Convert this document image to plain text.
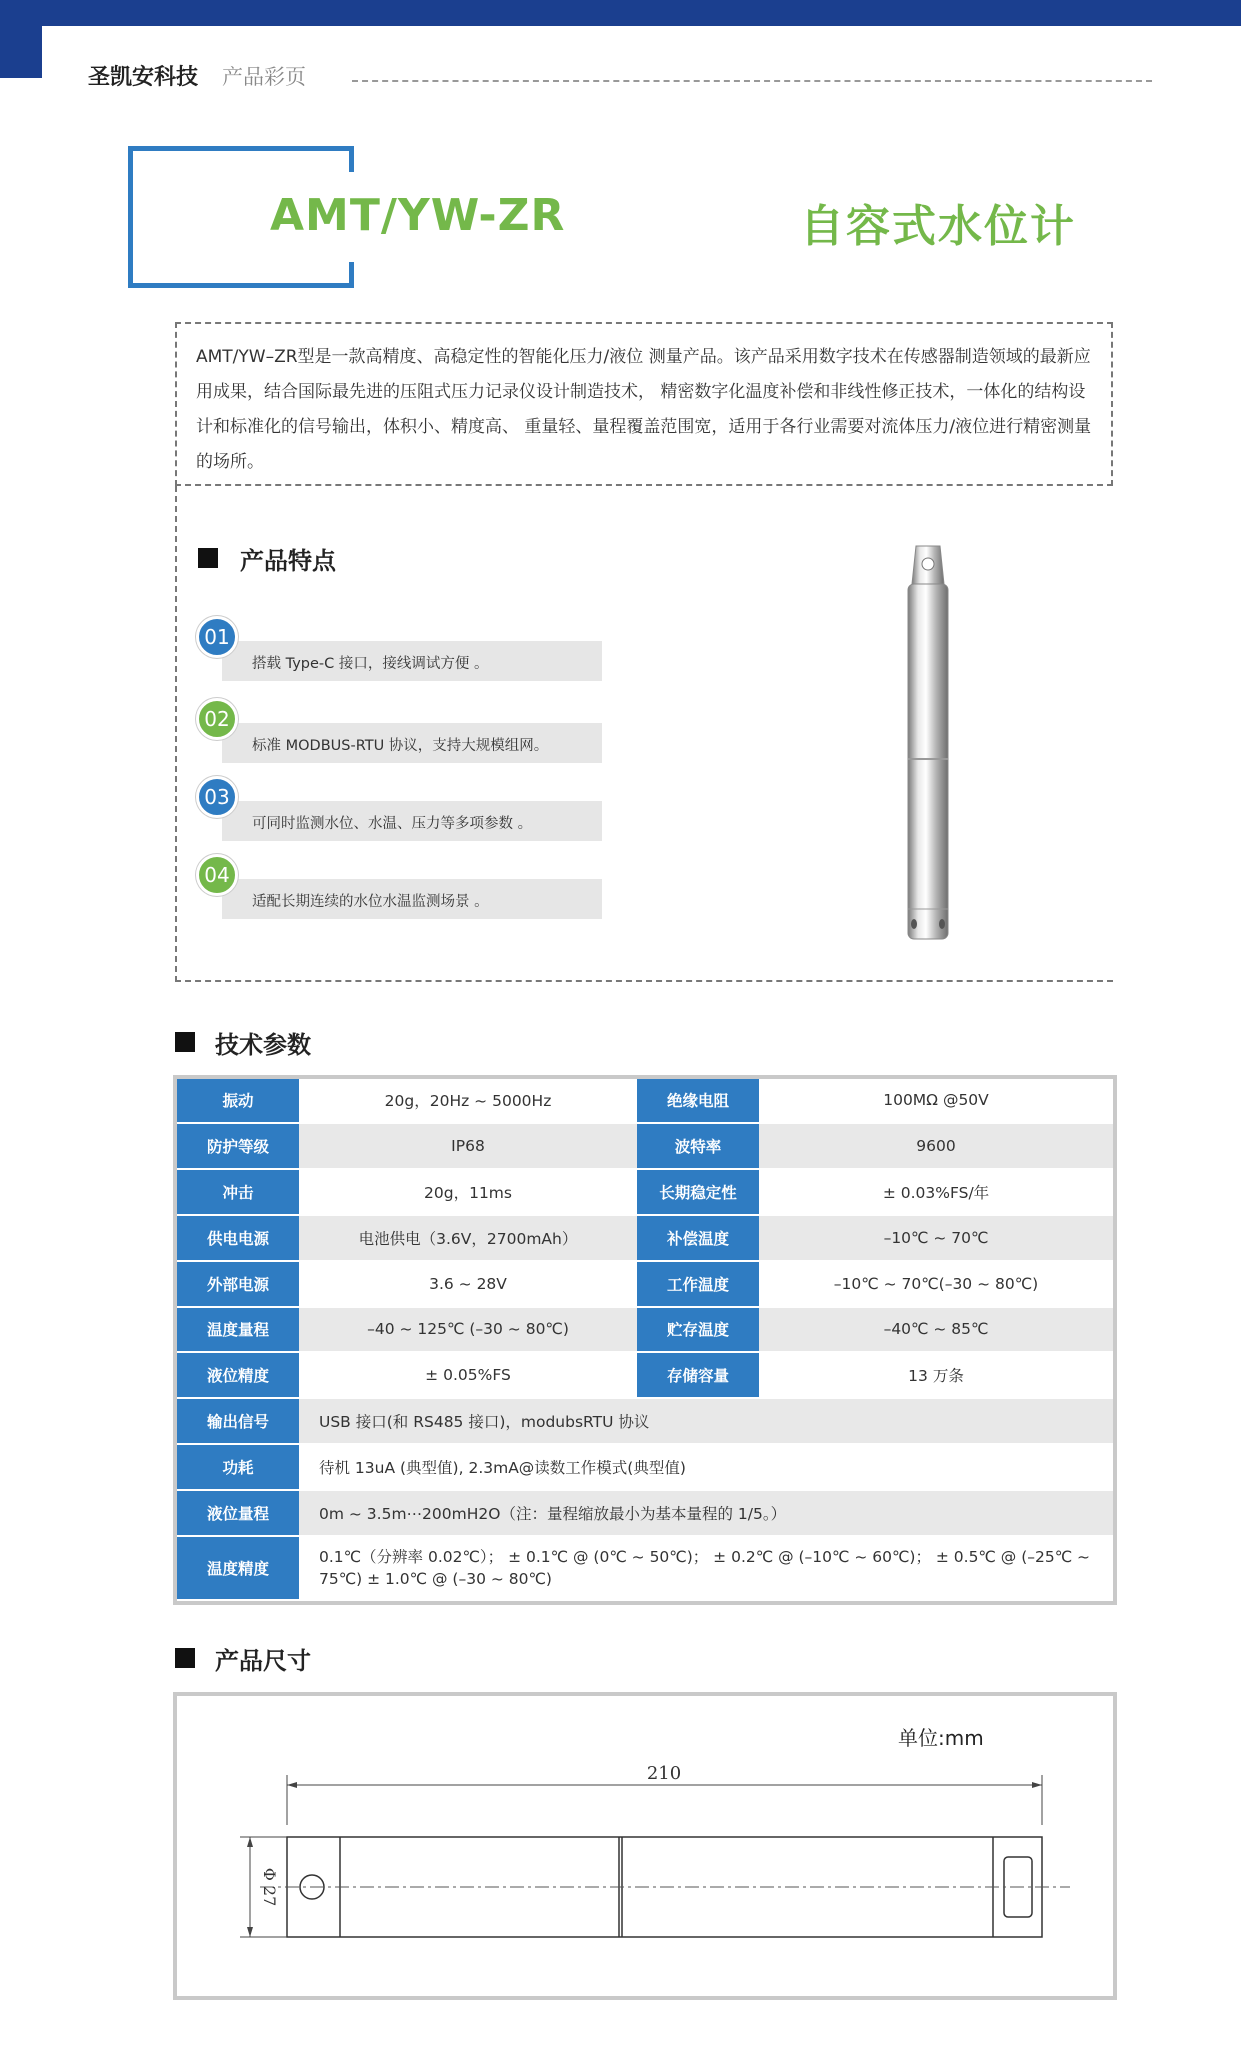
圣凯安科技 产品彩页
AMT/YW-ZR	自容式水位计
AMT/YW–ZR型是一款高精度、高稳定性的智能化压力/液位 测量产品。该产品采用数字技术在传感器制造领域的最新应用成果，结合国际最先进的压阻式压力记录仪设计制造技术， 精密数字化温度补偿和非线性修正技术，一体化的结构设计和标准化的信号输出，体积小、精度高、 重量轻、量程覆盖范围宽，适用于各行业需要对流体压力/液位进行精密测量的场所。
产品特点
搭载 Type-C 接口，接线调试方便 。
01
标准 MODBUS-RTU 协议，支持大规模组网。
02
可同时监测水位、水温、压力等多项参数 。
03
适配长期连续的水位水温监测场景 。
04
技术参数
振动	20g，20Hz ~ 5000Hz	绝缘电阻	100MΩ @50V
防护等级	IP68	波特率	9600
冲击	20g，11ms	长期稳定性	± 0.03%FS/年
供电电源	电池供电（3.6V，2700mAh）	补偿温度	–10℃ ~ 70℃
外部电源	3.6 ~ 28V	工作温度	–10℃ ~ 70℃(–30 ~ 80℃)
温度量程	–40 ~ 125℃ (–30 ~ 80℃)	贮存温度	–40℃ ~ 85℃
液位精度	± 0.05%FS	存储容量	13 万条
输出信号	USB 接口(和 RS485 接口)，modubsRTU 协议		
功耗	待机 13uA (典型值), 2.3mA@读数工作模式(典型值)		
液位量程	0m ~ 3.5m⋯200mH2O（注：量程缩放最小为基本量程的 1/5。）		
温度精度	0.1℃（分辨率 0.02℃）； ± 0.1℃ @ (0℃ ~ 50℃)； ± 0.2℃ @ (–10℃ ~ 60℃)； ± 0.5℃ @ (–25℃ ~ 75℃) ± 1.0℃ @ (–30 ~ 80℃)		
产品尺寸
单位:mm
210
Φ 27
